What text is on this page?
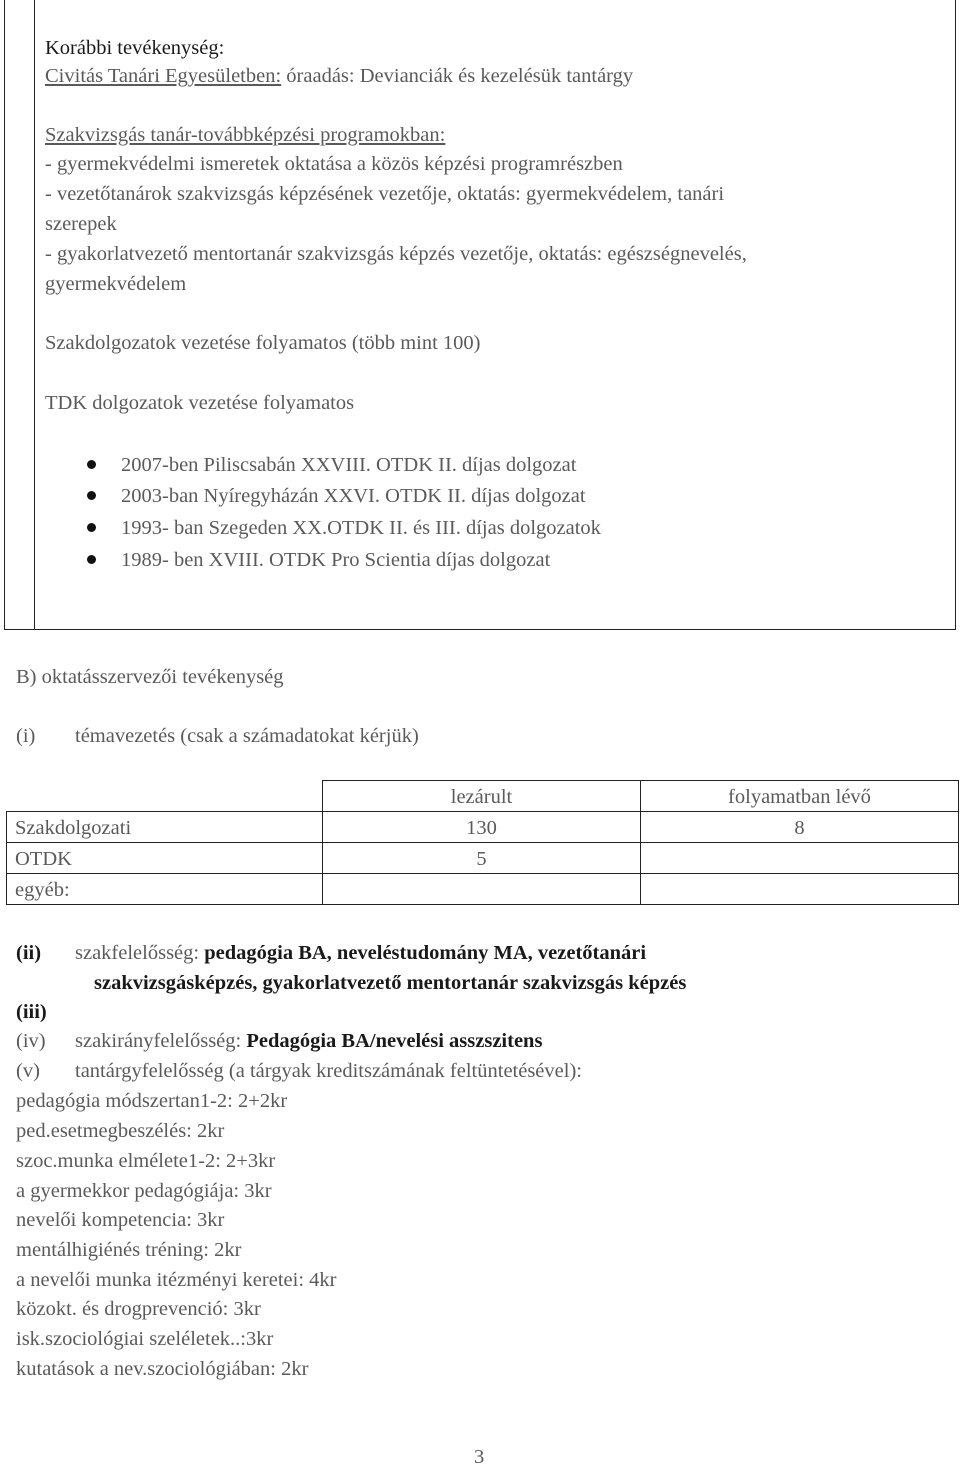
Korábbi tevékenység:
Civitás Tanári Egyesületben: óraadás: Devianciák és kezelésük tantárgy
Szakvizsgás tanár-továbbképzési programokban:
- gyermekvédelmi ismeretek oktatása a közös képzési programrészben
- vezetőtanárok szakvizsgás képzésének vezetője, oktatás: gyermekvédelem, tanári
szerepek
- gyakorlatvezető mentortanár szakvizsgás képzés vezetője, oktatás: egészségnevelés,
gyermekvédelem
Szakdolgozatok vezetése folyamatos (több mint 100)
TDK dolgozatok vezetése folyamatos
2007-ben Piliscsabán XXVIII. OTDK II. díjas dolgozat
2003-ban Nyíregyházán XXVI. OTDK II. díjas dolgozat
1993- ban Szegeden XX.OTDK II. és III. díjas dolgozatok
1989- ben XVIII. OTDK Pro Scientia díjas dolgozat
B) oktatásszervezői tevékenység
(i) témavezetés (csak a számadatokat kérjük)
	lezárult	folyamatban lévő
Szakdolgozati	130	8
OTDK	5	
egyéb:		
(ii) szakfelelősség: pedagógia BA, neveléstudomány MA, vezetőtanári
szakvizsgásképzés, gyakorlatvezető mentortanár szakvizsgás képzés
(iii)
(iv) szakirányfelelősség: Pedagógia BA/nevelési asszszitens
(v) tantárgyfelelősség (a tárgyak kreditszámának feltüntetésével):
pedagógia módszertan1-2: 2+2kr
ped.esetmegbeszélés: 2kr
szoc.munka elmélete1-2: 2+3kr
a gyermekkor pedagógiája: 3kr
nevelői kompetencia: 3kr
mentálhigiénés tréning: 2kr
a nevelői munka itézményi keretei: 4kr
közokt. és drogprevenció: 3kr
isk.szociológiai szeléletek..:3kr
kutatások a nev.szociológiában: 2kr
3
